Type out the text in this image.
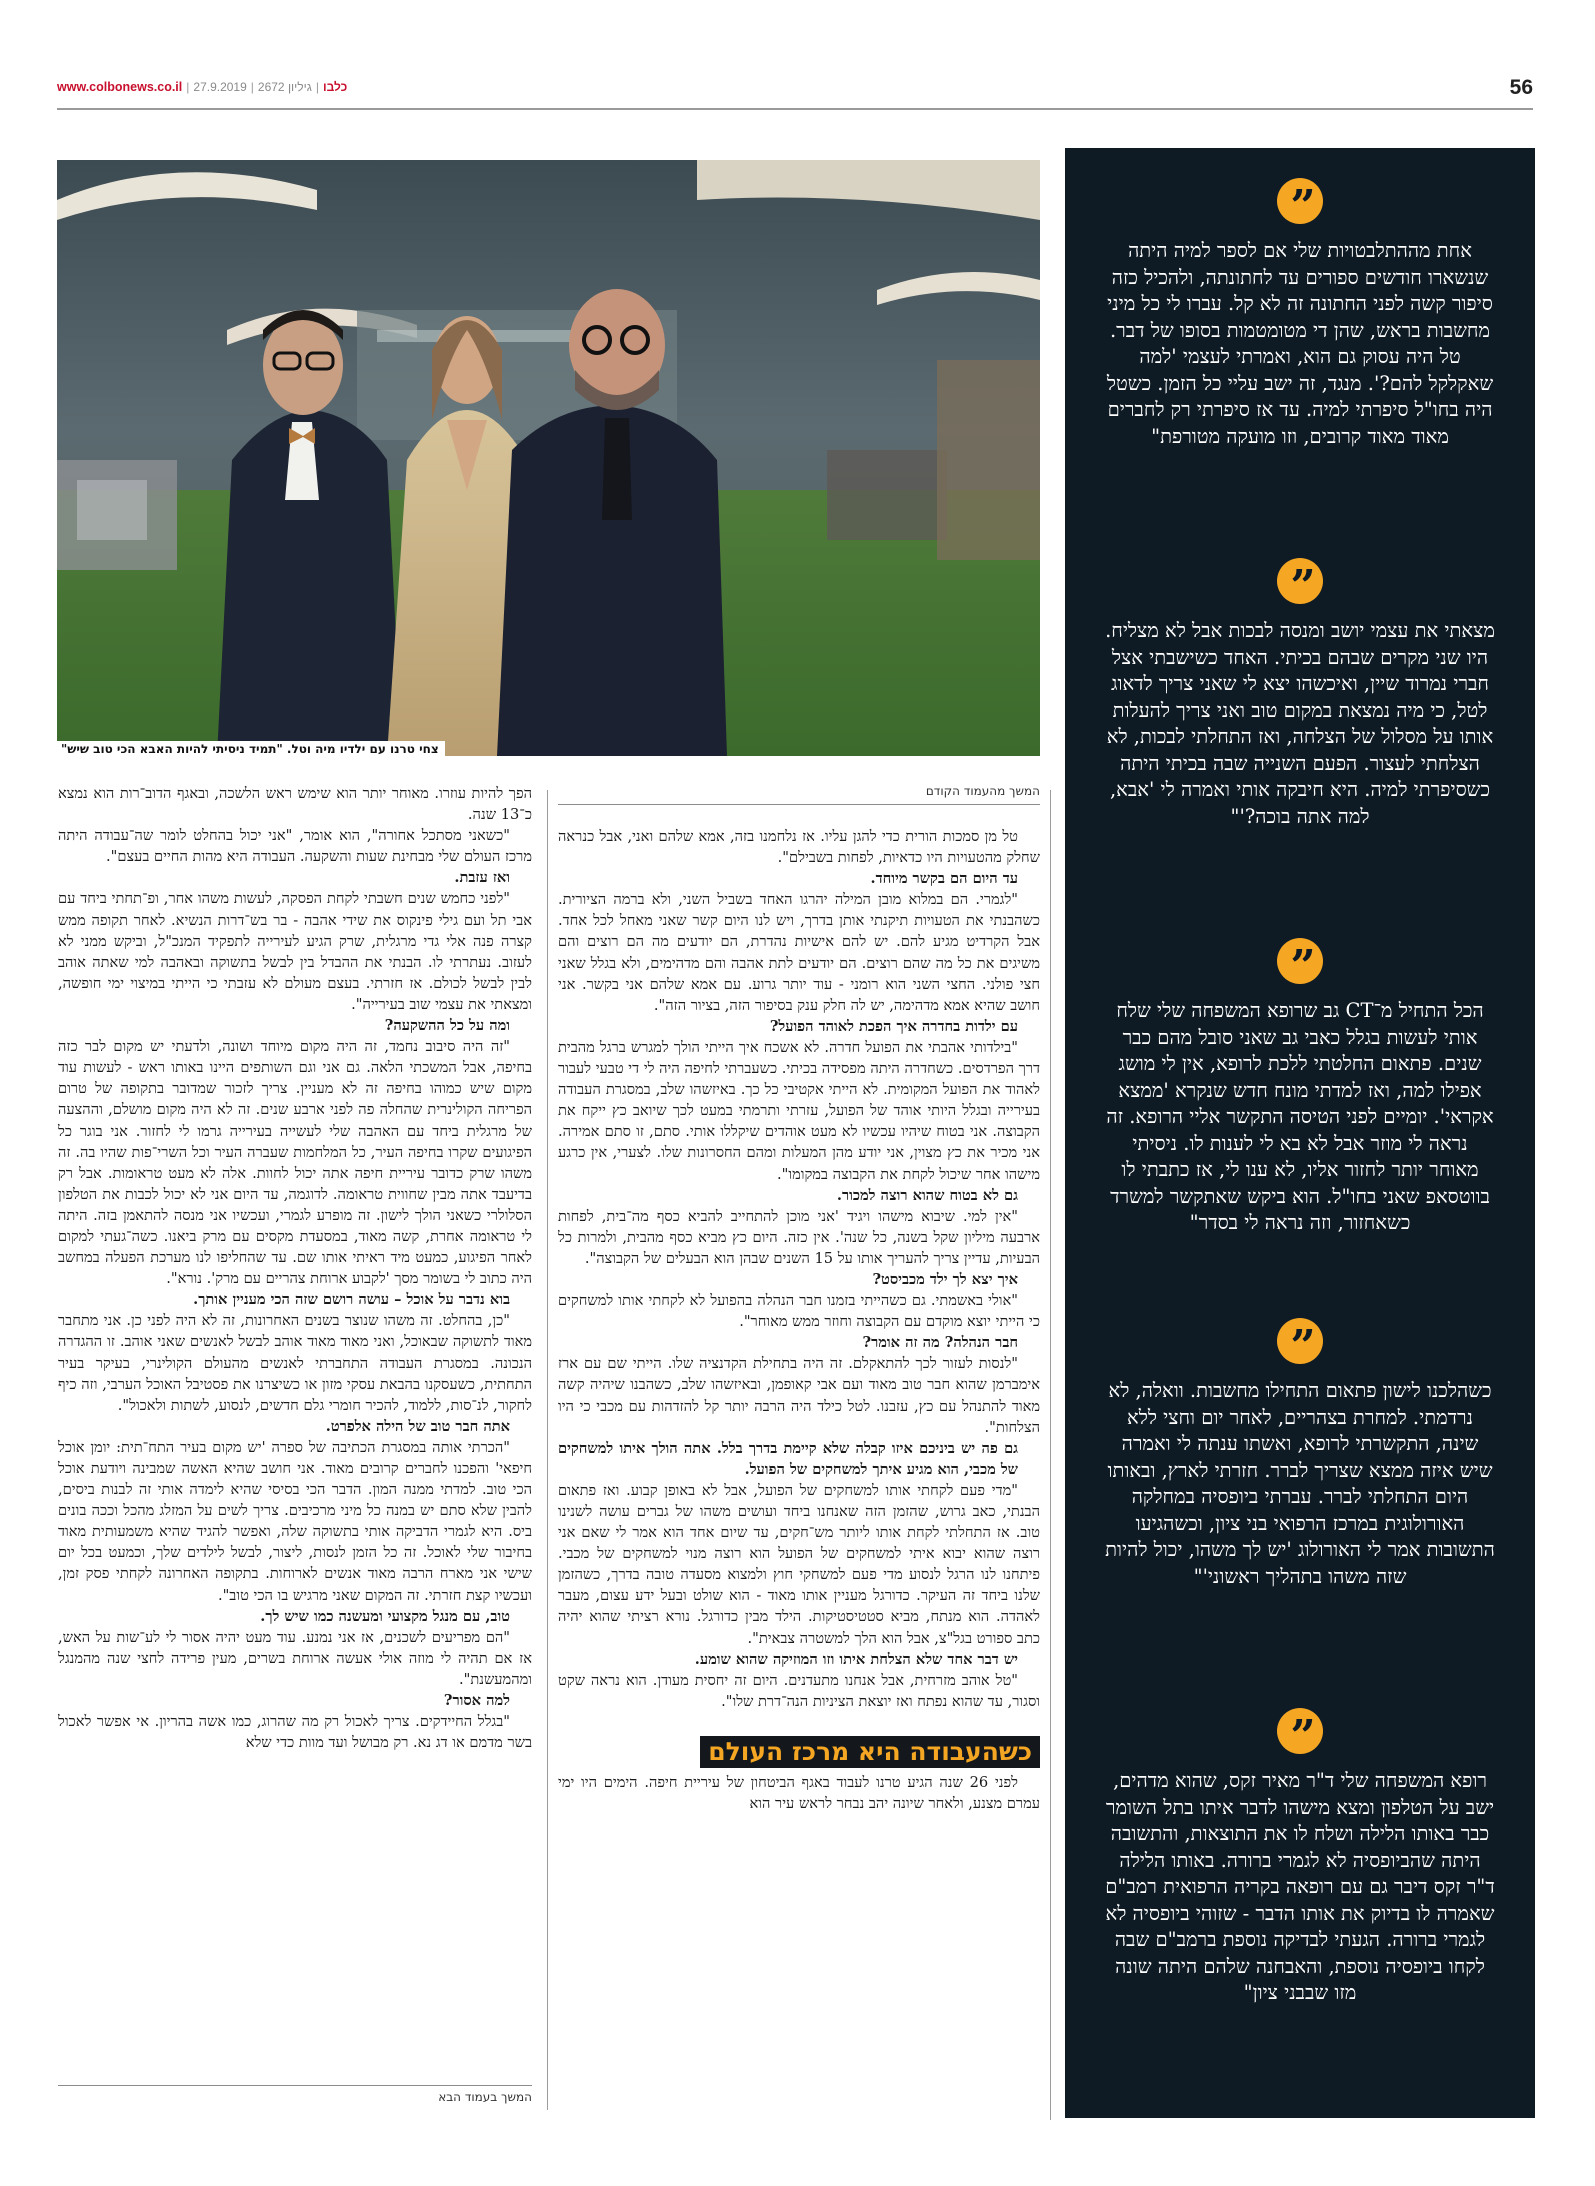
www.colbonews.co.il |	כלבו|גיליון 2672|27.9.2019	56
צחי טרנו עם ילדיו מיה וטל. "תמיד ניסיתי להיות האבא הכי טוב שיש"
המשך מהעמוד הקודם

טל מן סמכות הורית כדי להגן עליו. אז נלחמנו בזה, אמא שלהם ואני, אבל כנראה שחלק מהטעויות היו כדאיות, לפחות בשבילם".

עד היום הם בקשר מיוחד.

"לגמרי. הם במלוא מובן המילה יהרגו האחד בשביל השני, ולא ברמה הציורית. כשהבנתי את הטעויות תיקנתי אותן בדרך, ויש לנו היום קשר שאני מאחל לכל אחד. אבל הקרדיט מגיע להם. יש להם אישיות נהדרת, הם יודעים מה הם רוצים והם משיגים את כל מה שהם רוצים. הם יודעים לתת אהבה והם מדהימים, ולא בגלל שאני חצי פולני. החצי השני הוא רומני - עוד יותר גרוע. עם אמא שלהם אני בקשר. אני חושב שהיא אמא מדהימה, יש לה חלק ענק בסיפור הזה, בציור הזה".

עם ילדות בחדרה איך הפכת לאוהד הפועל?

"בילדותי אהבתי את הפועל חדרה. לא אשכח איך הייתי הולך למגרש ברגל מהבית דרך הפרדסים. כשחדרה היתה מפסידה בכיתי. כשעברתי לחיפה היה לי די טבעי לעבור לאהוד את הפועל המקומית. לא הייתי אקטיבי כל כך. באיזשהו שלב, במסגרת העבודה בעירייה ובגלל היותי אוהד של הפועל, עזרתי ותרמתי במעט לכך שיואב כץ ייקח את הקבוצה. אני בטוח שיהיו עכשיו לא מעט אוהדים שיקללו אותי. סתם, זו סתם אמירה. אני מכיר את כץ מצוין, אני יודע מהן המעלות ומהם החסרונות שלו. לצערי, אין כרגע מישהו אחר שיכול לקחת את הקבוצה במקומו".

גם לא בטוח שהוא רוצה למכור.

"אין למי. שיבוא מישהו ויגיד 'אני מוכן להתחייב להביא כסף מה־בית, לפחות ארבעה מיליון שקל בשנה, כל שנה'. אין כזה. היום כץ מביא כסף מהבית, ולמרות כל הבעיות, עדיין צריך להעריך אותו על 15 השנים שבהן הוא הבעלים של הקבוצה".

איך יצא לך ילד מכביסט?

"אולי באשמתי. גם כשהייתי בזמנו חבר הנהלה בהפועל לא לקחתי אותו למשחקים כי הייתי יוצא מוקדם עם הקבוצה וחוזר ממש מאוחר".

חבר הנהלה? מה זה אומר?

"לנסות לעזור לכך להתאקלם. זה היה בתחילת הקדנציה שלו. הייתי שם עם ארז אימברמן שהוא חבר טוב מאוד ועם אבי קאופמן, ובאיזשהו שלב, כשהבנו שיהיה קשה מאוד להתנהל עם כץ, עזבנו. לטל כילד היה הרבה יותר קל להזדהות עם מכבי כי היו הצלחות".

גם פה יש ביניכם איזו קבלה שלא קיימת בדרך בלל. אתה הולך איתו למשחקים של מכבי, הוא מגיע איתך למשחקים של הפועל.

"מדי פעם לקחתי אותו למשחקים של הפועל, אבל לא באופן קבוע. ואז פתאום הבנתי, כאב גרוש, שהזמן הזה שאנחנו ביחד ועושים משהו של גברים עושה לשנינו טוב. אז התחלתי לקחת אותו ליותר מש־חקים, עד שיום אחד הוא אמר לי שאם אני רוצה שהוא יבוא איתי למשחקים של הפועל הוא רוצה מנוי למשחקים של מכבי. פיתחנו לנו הרגל לנסוע מדי פעם למשחקי חוץ ולמצוא מסעדה טובה בדרך, כשהזמן שלנו ביחד זה העיקר. כדורגל מעניין אותו מאוד - הוא שולט ובעל ידע עצום, מעבר לאהדה. הוא מנתח, מביא סטטיסטיקות. הילד מבין כדורגל. נורא רציתי שהוא יהיה כתב ספורט בגל"צ, אבל הוא הלך למשטרה צבאית".

יש דבר אחד שלא הצלחת איתו וזו המוזיקה שהוא שומע.

"טל אוהב מזרחית, אבל אנחנו מתעדנים. היום זה יחסית מעודן. הוא נראה שקט וסגור, עד שהוא נפתח ואז יוצאת הציניות הנה־דרת שלו".

כשהעבודה היא מרכז העולם

לפני 26 שנה הגיע טרנו לעבוד באגף הביטחון של עיריית חיפה. הימים היו ימי עמרם מצנע, ולאחר שיונה יהב נבחר לראש עיר הוא

הפך להיות עוזרו. מאוחר יותר הוא שימש ראש הלשכה, ובאגף הדוב־רות הוא נמצא כ־13 שנה.

"כשאני מסתכל אחורה", הוא אומר, "אני יכול בהחלט לומר שה־עבודה היתה מרכז העולם שלי מבחינת שעות והשקעה. העבודה היא מהות החיים בעצם".

ואז עזבת.

"לפני כחמש שנים חשבתי לקחת הפסקה, לעשות משהו אחר, ופ־תחתי ביחד עם אבי תל ועם גילי פינקוס את שידי אהבה - בר בש־דרות הנשיא. לאחר תקופה ממש קצרה פנה אלי גדי מרגלית, שרק הגיע לעירייה לתפקיד המנכ"ל, וביקש ממני לא לעזוב. נעתרתי לו. הבנתי את ההבדל בין לבשל בתשוקה ובאהבה למי שאתה אוהב לבין לבשל לכולם. אז חזרתי. בעצם מעולם לא עזבתי כי הייתי במיצוי ימי חופשה, ומצאתי את עצמי שוב בעירייה".

ומה על כל ההשקעה?

"זה היה סיבוב נחמד, זה היה מקום מיוחד ושונה, ולדעתי יש מקום לבר כזה בחיפה, אבל המשכתי הלאה. גם אני וגם השותפים היינו באותו ראש - לעשות עוד מקום שיש כמוהו בחיפה זה לא מעניין. צריך לזכור שמדובר בתקופה של טרום הפריחה הקולינרית שהחלה פה לפני ארבע שנים. זה לא היה מקום מושלם, וההצעה של מרגלית ביחד עם האהבה שלי לעשייה בעירייה גרמו לי לחזור. אני בוגר כל הפיגועים שקרו בחיפה העיר, כל המלחמות שעברה העיר וכל השרי־פות שהיו בה. זה משהו שרק כדובר עיריית חיפה אתה יכול לחוות. אלה לא מעט טראומות. אבל רק בדיעבד אתה מבין שחווית טראומה. לדוגמה, עד היום אני לא יכול לכבות את הטלפון הסלולרי כשאני הולך לישון. זה מופרע לגמרי, ועכשיו אני מנסה להתאמן בזה. היתה לי טראומה אחרת, קשה מאוד, במסעדת מקסים עם מרק ביאנו. כשה־געתי למקום לאחר הפיגוע, כמעט מיד ראיתי אותו שם. עד שהחליפו לנו מערכת הפעלה במחשב היה כתוב לי בשומר מסך 'לקבוע ארוחת צהריים עם מרק'. נורא".

בוא נדבר על אוכל – עושה רושם שזה הכי מעניין אותך.

"כן, בהחלט. זה משהו שנוצר בשנים האחרונות, זה לא היה לפני כן. אני מתחבר מאוד לתשוקה שבאוכל, ואני מאוד מאוד אוהב לבשל לאנשים שאני אוהב. זו ההגדרה הנכונה. במסגרת העבודה התחברתי לאנשים מהעולם הקולינרי, בעיקר בעיר התחתית, כשעסקנו בהבאת עסקי מזון או כשיצרנו את פסטיבל האוכל הערבי, וזה כיף לחקור, לנ־סות, ללמוד, להכיר חומרי גלם חדשים, לנסוע, לשתות ולאכול".

אתה חבר טוב של הילה אלפרט.

"הכרתי אותה במסגרת הכתיבה של ספרה 'יש מקום בעיר התח־תית: יומן אוכל חיפאי' והפכנו לחברים קרובים מאוד. אני חושב שהיא האשה שמבינה ויודעת אוכל הכי טוב. למדתי ממנה המון. הדבר הכי בסיסי שהיא לימדה אותי זה לבנות ביסים, להבין שלא סתם יש במנה כל מיני מרכיבים. צריך לשים על המזלג מהכל וככה בונים ביס. היא לגמרי הדביקה אותי בתשוקה שלה, ואפשר להגיד שהיא משמעותית מאוד בחיבור שלי לאוכל. זה כל הזמן לנסות, ליצור, לבשל לילדים שלך, וכמעט בכל יום שישי אני מארח הרבה מאוד אנשים לארוחות. בתקופה האחרונה לקחתי פסק זמן, ועכשיו קצת חזרתי. זה המקום שאני מרגיש בו הכי טוב".

טוב, עם מנגל מקצועי ומעשנה כמו שיש לך.

"הם מפריעים לשכנים, אז אני נמנע. עוד מעט יהיה אסור לי לע־שות על האש, אז אם תהיה לי מוזה אולי אעשה ארוחת בשרים, מעין פרידה לחצי שנה מהמנגל ומהמעשנת".

למה אסור?

"בגלל החיידקים. צריך לאכול רק מה שהרוג, כמו אשה בהריון. אי אפשר לאכול בשר מדמם או דג נא. רק מבושל ועד מוות כדי שלא

המשך בעמוד הבא
”
אחת מההתלבטויות שלי אם לספר למיה היתה שנשארו חודשים ספורים עד לחתונתה, ולהכיל כזה סיפור קשה לפני החתונה זה לא קל. עברו לי כל מיני מחשבות בראש, שהן די מטומטמות בסופו של דבר. טל היה עסוק גם הוא, ואמרתי לעצמי 'למה שאקלקל להם?'. מנגד, זה ישב עליי כל הזמן. כשטל היה בחו"ל סיפרתי למיה. עד אז סיפרתי רק לחברים מאוד מאוד קרובים, וזו מועקה מטורפת"
”
מצאתי את עצמי יושב ומנסה לבכות אבל לא מצליח. היו שני מקרים שבהם בכיתי. האחד כשישבתי אצל חברי נמרוד שיין, ואיכשהו יצא לי שאני צריך לדאוג לטל, כי מיה נמצאת במקום טוב ואני צריך להעלות אותו על מסלול של הצלחה, ואז התחלתי לבכות, לא הצלחתי לעצור. הפעם השנייה שבה בכיתי היתה כשסיפרתי למיה. היא חיבקה אותי ואמרה לי 'אבא, למה אתה בוכה?'"
”
הכל התחיל מ־CT גב שרופא המשפחה שלי שלח אותי לעשות בגלל כאבי גב שאני סובל מהם כבר שנים. פתאום החלטתי ללכת לרופא, אין לי מושג אפילו למה, ואז למדתי מונח חדש שנקרא 'ממצא אקראי'. יומיים לפני הטיסה התקשר אליי הרופא. זה נראה לי מוזר אבל לא בא לי לענות לו. ניסיתי מאוחר יותר לחזור אליו, לא ענו לי, אז כתבתי לו בווטסאפ שאני בחו"ל. הוא ביקש שאתקשר למשרד כשאחזור, וזה נראה לי בסדר"
”
כשהלכנו לישון פתאום התחילו מחשבות. וואלה, לא נרדמתי. למחרת בצהריים, לאחר יום וחצי ללא שינה, התקשרתי לרופא, ואשתו ענתה לי ואמרה שיש איזה ממצא שצריך לברר. חזרתי לארץ, ובאותו היום התחלתי לברר. עברתי ביופסיה במחלקה האורולוגית במרכז הרפואי בני ציון, וכשהגיעו התשובות אמר לי האורולוג 'יש לך משהו, יכול להיות שזה משהו בתהליך ראשוני'"
”
רופא המשפחה שלי ד"ר מאיר זקס, שהוא מדהים, ישב על הטלפון ומצא מישהו לדבר איתו בתל השומר כבר באותו הלילה ושלח לו את התוצאות, והתשובה היתה שהביופסיה לא לגמרי ברורה. באותו הלילה ד"ר זקס דיבר גם עם רופאה בקריה הרפואית רמב"ם שאמרה לו בדיוק את אותו הדבר - שזוהי ביופסיה לא לגמרי ברורה. הגעתי לבדיקה נוספת ברמב"ם שבה לקחו ביופסיה נוספת, והאבחנה שלהם היתה שונה מזו שבבני ציון"
